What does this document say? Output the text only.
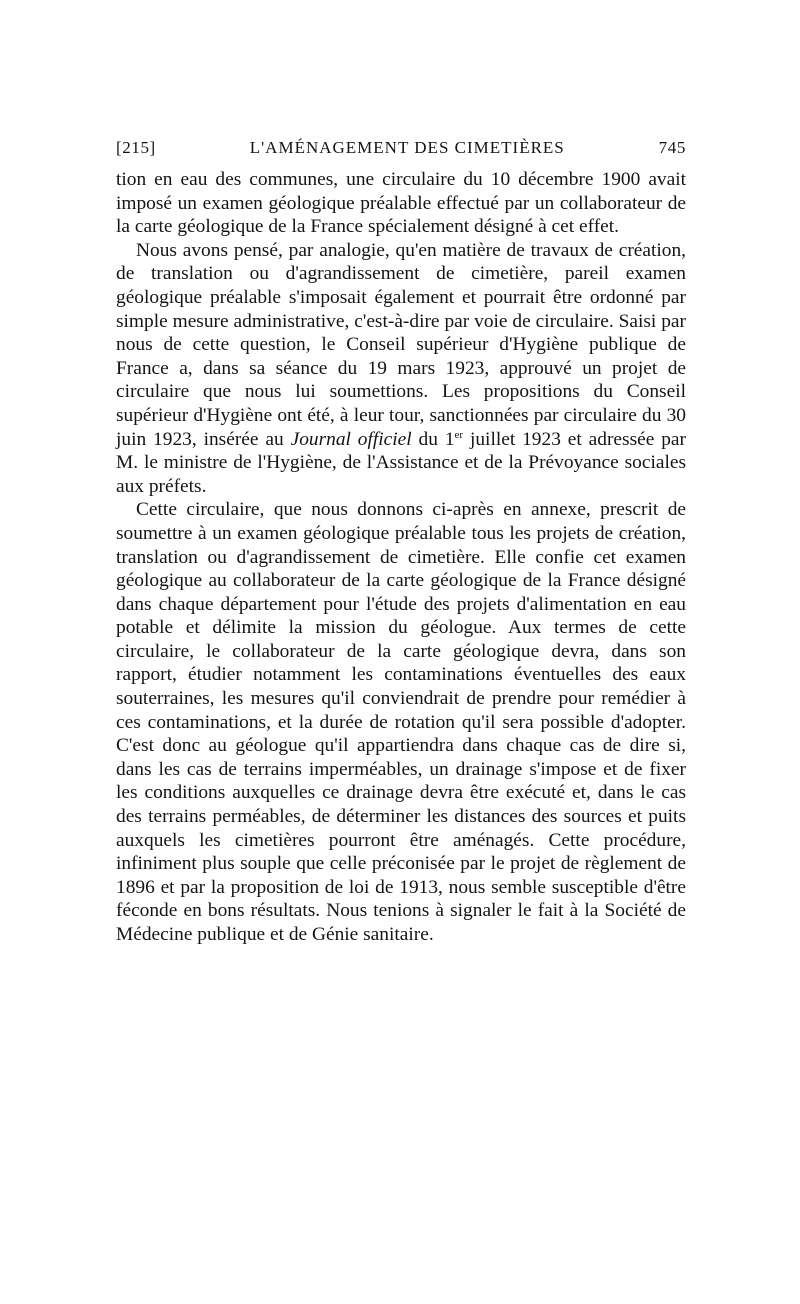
[215]	L'AMÉNAGEMENT DES CIMETIÈRES	745

tion en eau des communes, une circulaire du 10 décembre 1900 avait imposé un examen géologique préalable effectué par un collaborateur de la carte géologique de la France spécialement désigné à cet effet.

Nous avons pensé, par analogie, qu'en matière de travaux de création, de translation ou d'agrandissement de cimetière, pareil examen géologique préalable s'imposait également et pourrait être ordonné par simple mesure administrative, c'est-à-dire par voie de circulaire. Saisi par nous de cette question, le Conseil supérieur d'Hygiène publique de France a, dans sa séance du 19 mars 1923, approuvé un projet de circulaire que nous lui soumettions. Les propositions du Conseil supérieur d'Hygiène ont été, à leur tour, sanctionnées par circulaire du 30 juin 1923, insérée au Journal officiel du 1er juillet 1923 et adressée par M. le ministre de l'Hygiène, de l'Assistance et de la Prévoyance sociales aux préfets.

Cette circulaire, que nous donnons ci-après en annexe, prescrit de soumettre à un examen géologique préalable tous les projets de création, translation ou d'agrandissement de cimetière. Elle confie cet examen géologique au collaborateur de la carte géologique de la France désigné dans chaque département pour l'étude des projets d'alimentation en eau potable et délimite la mission du géologue. Aux termes de cette circulaire, le collaborateur de la carte géologique devra, dans son rapport, étudier notamment les contaminations éventuelles des eaux souterraines, les mesures qu'il conviendrait de prendre pour remédier à ces contaminations, et la durée de rotation qu'il sera possible d'adopter. C'est donc au géologue qu'il appartiendra dans chaque cas de dire si, dans les cas de terrains imperméables, un drainage s'impose et de fixer les conditions auxquelles ce drainage devra être exécuté et, dans le cas des terrains perméables, de déterminer les distances des sources et puits auxquels les cimetières pourront être aménagés. Cette procédure, infiniment plus souple que celle préconisée par le projet de règlement de 1896 et par la proposition de loi de 1913, nous semble susceptible d'être féconde en bons résultats. Nous tenions à signaler le fait à la Société de Médecine publique et de Génie sanitaire.
